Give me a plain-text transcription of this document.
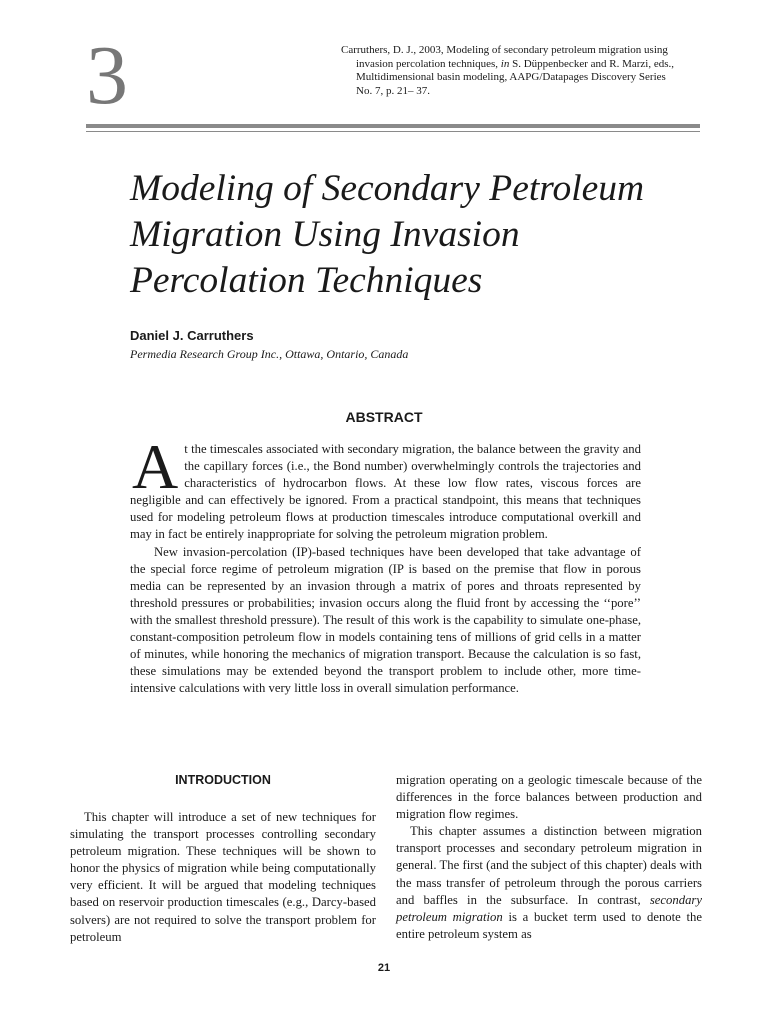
3	Carruthers, D. J., 2003, Modeling of secondary petroleum migration using
invasion percolation techniques, in S. Düppenbecker and R. Marzi, eds.,
Multidimensional basin modeling, AAPG/Datapages Discovery Series
No. 7, p. 21– 37.
Modeling of Secondary Petroleum
Migration Using Invasion
Percolation Techniques
Daniel J. Carruthers
Permedia Research Group Inc., Ottawa, Ontario, Canada
ABSTRACT

At the timescales associated with secondary migration, the balance between the gravity and the capillary forces (i.e., the Bond number) overwhelmingly controls the trajectories and characteristics of hydrocarbon flows. At these low flow rates, viscous forces are negligible and can effectively be ignored. From a practical standpoint, this means that techniques used for modeling petroleum flows at production timescales introduce computational overkill and may in fact be entirely inappropriate for solving the petroleum migration problem.

New invasion-percolation (IP)-based techniques have been developed that take advantage of the special force regime of petroleum migration (IP is based on the premise that flow in porous media can be represented by an invasion through a matrix of pores and throats represented by threshold pressures or probabilities; invasion occurs along the fluid front by accessing the ‘‘pore’’ with the smallest threshold pressure). The result of this work is the capability to simulate one-phase, constant-composition petroleum flow in models containing tens of millions of grid cells in a matter of minutes, while honoring the mechanics of migration transport. Because the calculation is so fast, these simulations may be extended beyond the transport problem to include other, more time-intensive calculations with very little loss in overall simulation performance.

INTRODUCTION

This chapter will introduce a set of new techniques for simulating the transport processes controlling secondary petroleum migration. These techniques will be shown to honor the physics of migration while being computationally very efficient. It will be argued that modeling techniques based on reservoir production timescales (e.g., Darcy-based solvers) are not required to solve the transport problem for petroleum

migration operating on a geologic timescale because of the differences in the force balances between production and migration flow regimes.

This chapter assumes a distinction between migration transport processes and secondary petroleum migration in general. The first (and the subject of this chapter) deals with the mass transfer of petroleum through the porous carriers and baffles in the subsurface. In contrast, secondary petroleum migration is a bucket term used to denote the entire petroleum system as

21
